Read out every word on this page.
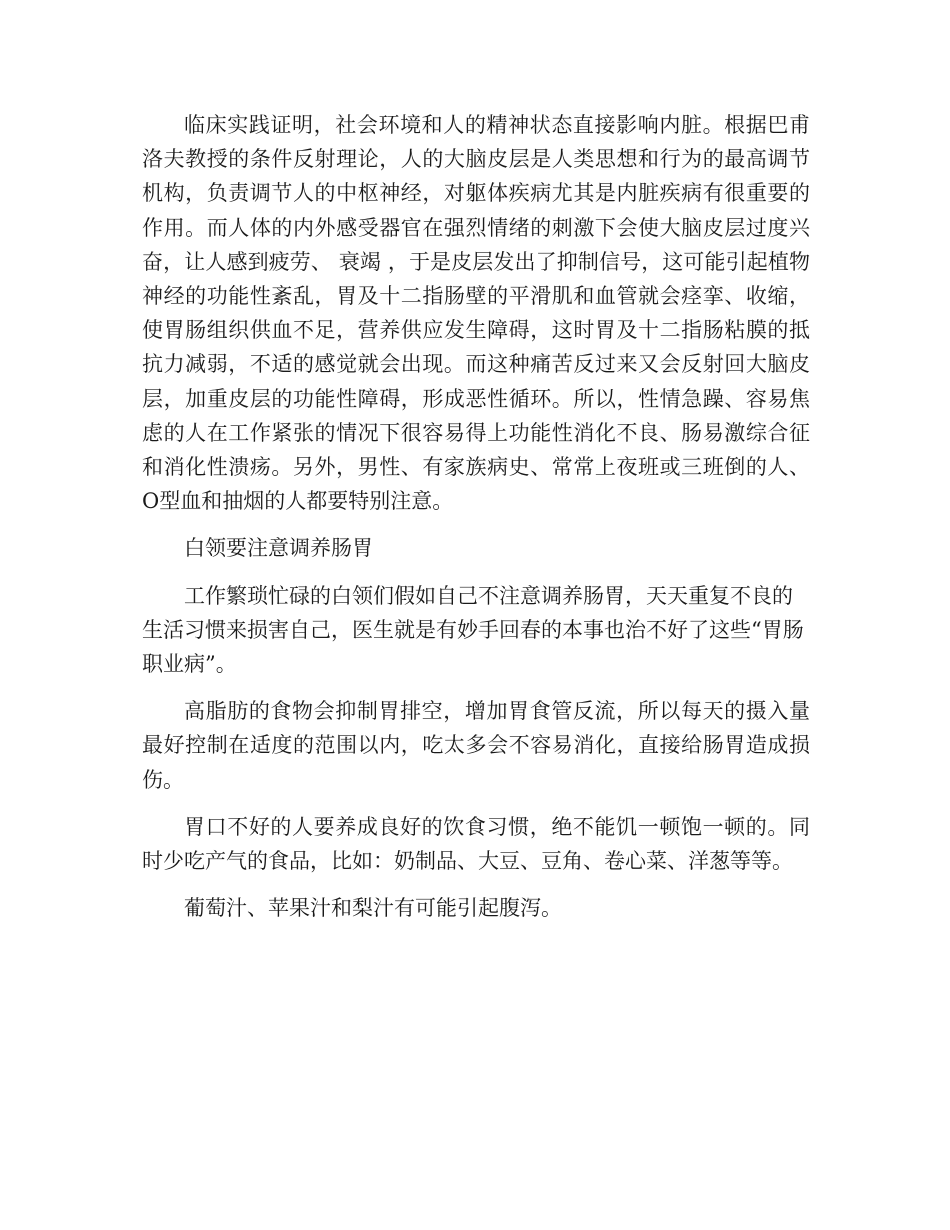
临床实践证明，社会环境和人的精神状态直接影响内脏。根据巴甫洛夫教授的条件反射理论，人的大脑皮层是人类思想和行为的最高调节机构，负责调节人的中枢神经，对躯体疾病尤其是内脏疾病有很重要的作用。而人体的内外感受器官在强烈情绪的刺激下会使大脑皮层过度兴奋，让人感到疲劳、 衰竭 ，于是皮层发出了抑制信号，这可能引起植物神经的功能性紊乱，胃及十二指肠壁的平滑肌和血管就会痉挛、收缩，使胃肠组织供血不足，营养供应发生障碍，这时胃及十二指肠粘膜的抵抗力减弱，不适的感觉就会出现。而这种痛苦反过来又会反射回大脑皮层，加重皮层的功能性障碍，形成恶性循环。所以，性情急躁、容易焦虑的人在工作紧张的情况下很容易得上功能性消化不良、肠易激综合征和消化性溃疡。另外，男性、有家族病史、常常上夜班或三班倒的人、O型血和抽烟的人都要特别注意。

白领要注意调养肠胃

工作繁琐忙碌的白领们假如自己不注意调养肠胃，天天重复不良的生活习惯来损害自己，医生就是有妙手回春的本事也治不好了这些“胃肠职业病”。

高脂肪的食物会抑制胃排空，增加胃食管反流，所以每天的摄入量最好控制在适度的范围以内，吃太多会不容易消化，直接给肠胃造成损伤。

胃口不好的人要养成良好的饮食习惯，绝不能饥一顿饱一顿的。同时少吃产气的食品，比如：奶制品、大豆、豆角、卷心菜、洋葱等等。

葡萄汁、苹果汁和梨汁有可能引起腹泻。
